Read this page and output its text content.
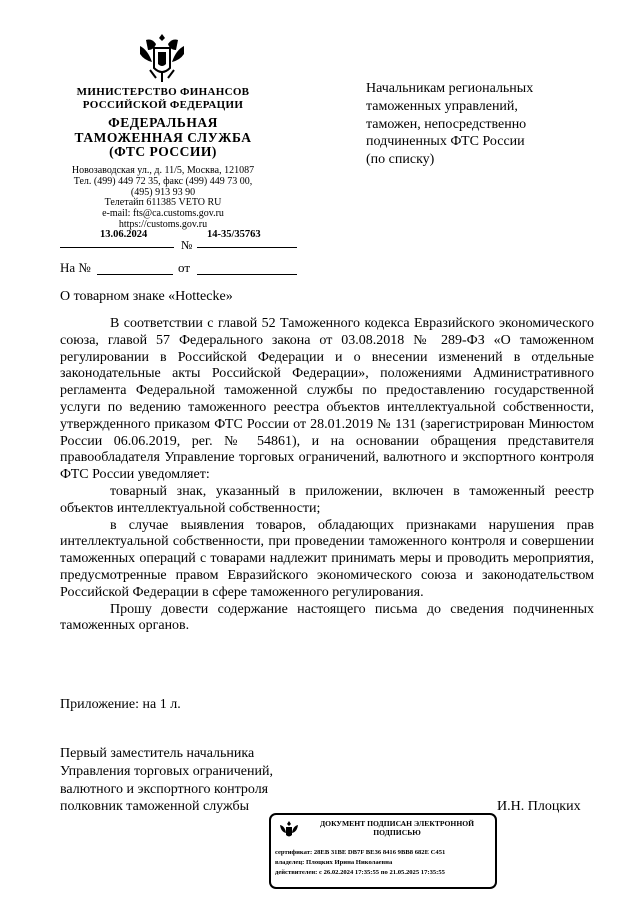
МИНИСТЕРСТВО ФИНАНСОВ
РОССИЙСКОЙ ФЕДЕРАЦИИ
ФЕДЕРАЛЬНАЯ
ТАМОЖЕННАЯ СЛУЖБА
(ФТС РОССИИ)
Новозаводская ул., д. 11/5, Москва, 121087
Тел. (499) 449 72 35, факс (499) 449 73 00,
(495) 913 93 90
Телетайп 611385 VETO RU
e-mail: fts@ca.customs.gov.ru
https://customs.gov.ru
13.06.2024
№
14-35/35763
На №	от
Начальникам региональных
таможенных управлений,
таможен, непосредственно
подчиненных ФТС России
(по списку)
О товарном знаке «Hottecke»

В соответствии с главой 52 Таможенного кодекса Евразийского экономического союза, главой 57 Федерального закона от 03.08.2018 № 289-ФЗ «О таможенном регулировании в Российской Федерации и о внесении изменений в отдельные законодательные акты Российской Федерации», положениями Административного регламента Федеральной таможенной службы по предоставлению государственной услуги по ведению таможенного реестра объектов интеллектуальной собственности, утвержденного приказом ФТС России от 28.01.2019 № 131 (зарегистрирован Минюстом России 06.06.2019, рег. № 54861), и на основании обращения представителя правообладателя Управление торговых ограничений, валютного и экспортного контроля ФТС России уведомляет:

товарный знак, указанный в приложении, включен в таможенный реестр объектов интеллектуальной собственности;

в случае выявления товаров, обладающих признаками нарушения прав интеллектуальной собственности, при проведении таможенного контроля и совершении таможенных операций с товарами надлежит принимать меры и проводить мероприятия, предусмотренные правом Евразийского экономического союза и законодательством Российской Федерации в сфере таможенного регулирования.

Прошу довести содержание настоящего письма до сведения подчиненных таможенных органов.

Приложение: на 1 л.
Первый заместитель начальника
Управления торговых ограничений,
валютного и экспортного контроля
полковник таможенной службы	И.Н. Плоцких
ДОКУМЕНТ ПОДПИСАН ЭЛЕКТРОННОЙ
ПОДПИСЬЮ
сертификат: 28EB 31BE DB7F BE36 8416 9BB8 682E C451
владелец: Плоцких Ирина Николаевна
действителен: с 26.02.2024 17:35:55 по 21.05.2025 17:35:55
